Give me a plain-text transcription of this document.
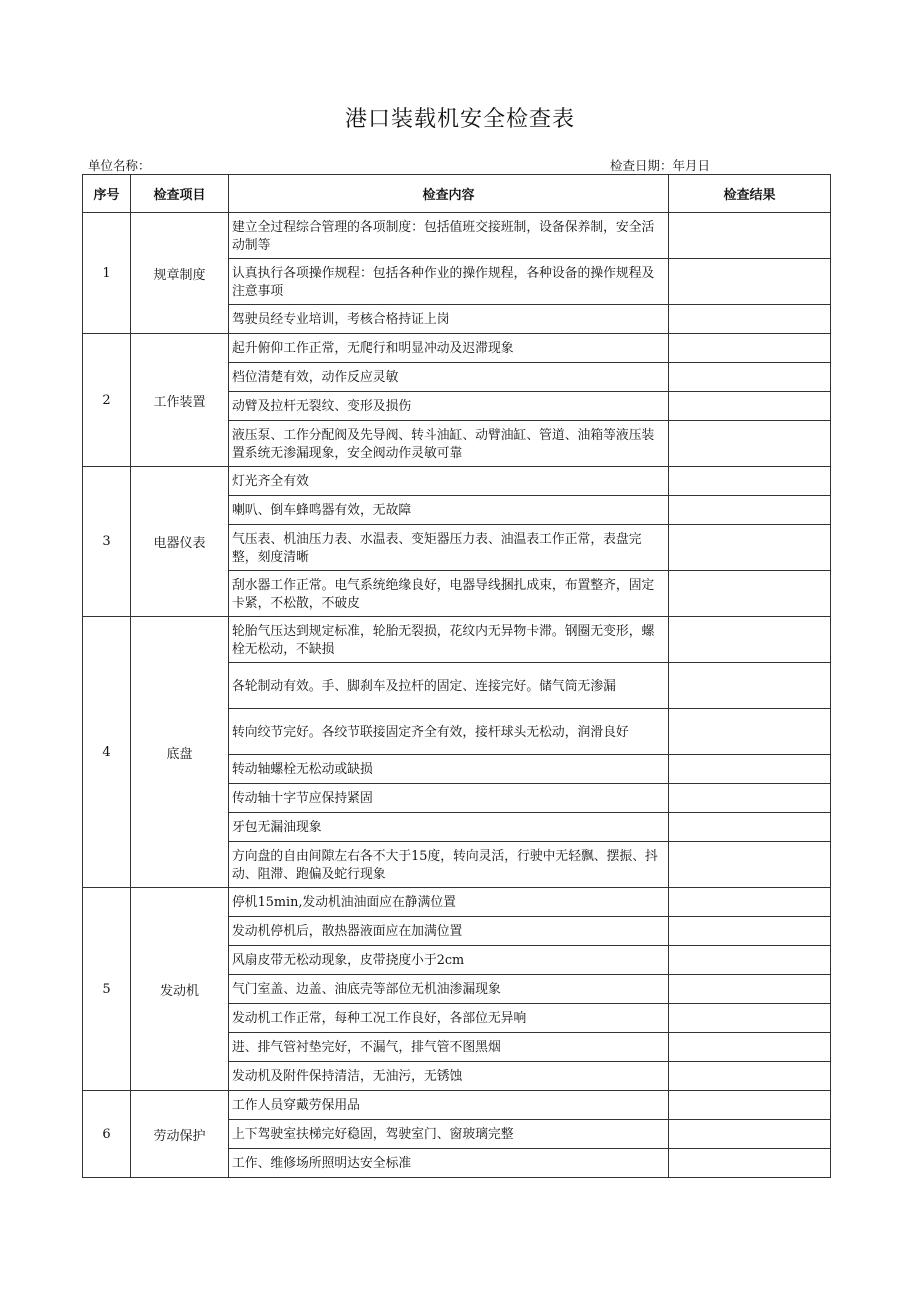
港口装载机安全检查表
单位名称：	检查日期：年月日
序号	检查项目	检查内容	检查结果
1	规章制度	建立全过程综合管理的各项制度：包括值班交接班制，设备保养制，安全活动制等	
		认真执行各项操作规程：包括各种作业的操作规程，各种设备的操作规程及注意事项	
		驾驶员经专业培训，考核合格持证上岗	
2	工作装置	起升俯仰工作正常，无爬行和明显冲动及迟滞现象	
		档位清楚有效，动作反应灵敏	
		动臂及拉杆无裂纹、变形及损伤	
		液压泵、工作分配阀及先导阀、转斗油缸、动臂油缸、管道、油箱等液压装置系统无渗漏现象，安全阀动作灵敏可靠	
3	电器仪表	灯光齐全有效	
		喇叭、倒车蜂鸣器有效，无故障	
		气压表、机油压力表、水温表、变矩器压力表、油温表工作正常，表盘完整，刻度清晰	
		刮水器工作正常。电气系统绝缘良好，电器导线捆扎成束，布置整齐，固定卡紧，不松散，不破皮	
4	底盘	轮胎气压达到规定标准，轮胎无裂损，花纹内无异物卡滞。钢圈无变形，螺栓无松动，不缺损	
		各轮制动有效。手、脚刹车及拉杆的固定、连接完好。储气筒无渗漏	
		转向绞节完好。各绞节联接固定齐全有效，接杆球头无松动，润滑良好	
		转动轴螺栓无松动或缺损	
		传动轴十字节应保持紧固	
		牙包无漏油现象	
		方向盘的自由间隙左右各不大于15度，转向灵活，行驶中无轻飘、摆振、抖动、阻滞、跑偏及蛇行现象	
5	发动机	停机15min,发动机油油面应在静满位置	
		发动机停机后，散热器液面应在加满位置	
		风扇皮带无松动现象，皮带挠度小于2cm	
		气门室盖、边盖、油底壳等部位无机油渗漏现象	
		发动机工作正常，每种工况工作良好，各部位无异响	
		进、排气管衬垫完好，不漏气，排气管不图黑烟	
		发动机及附件保持清洁，无油污，无锈蚀	
6	劳动保护	工作人员穿戴劳保用品	
		上下驾驶室扶梯完好稳固，驾驶室门、窗玻璃完整	
		工作、维修场所照明达安全标准	
